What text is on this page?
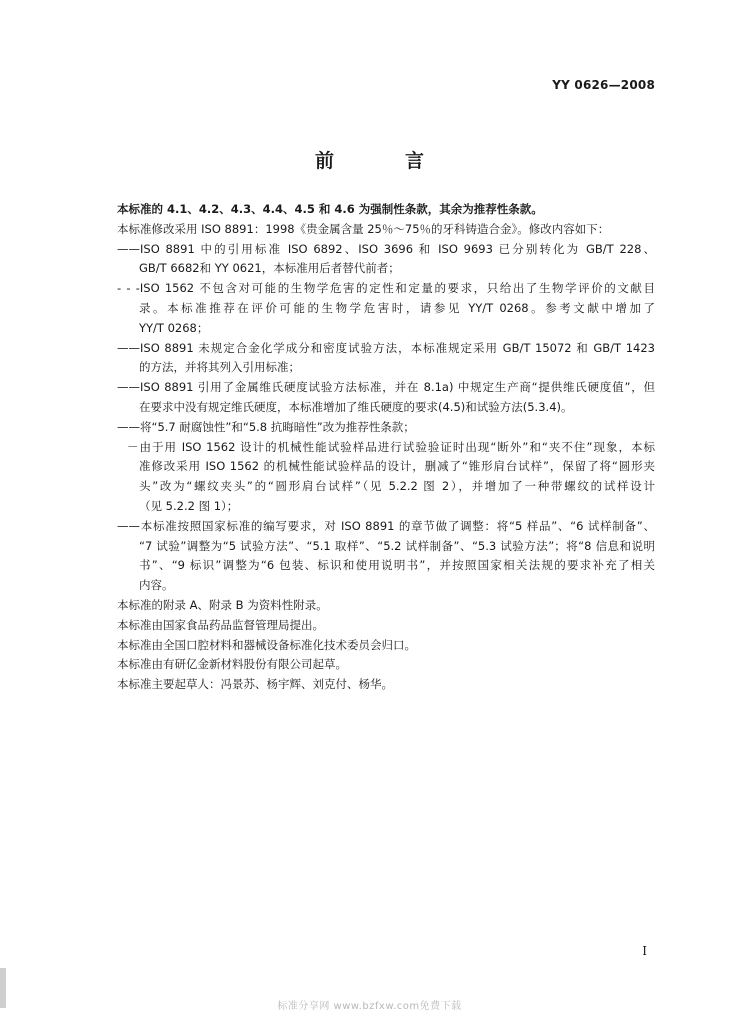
YY 0626—2008
前　言
本标准的 4.1、4.2、4.3、4.4、4.5 和 4.6 为强制性条款，其余为推荐性条款。
本标准修改采用 ISO 8891：1998《贵金属含量 25％～75％的牙科铸造合金》。修改内容如下：
——ISO 8891 中的引用标准 ISO 6892、ISO 3696 和 ISO 9693 已分别转化为 GB/T 228、
GB/T 6682和 YY 0621，本标准用后者替代前者；
- - -ISO 1562 不包含对可能的生物学危害的定性和定量的要求，只给出了生物学评价的文献目
录。本标准推荐在评价可能的生物学危害时，请参见 YY/T 0268。参考文献中增加了
YY/T 0268；
——ISO 8891 未规定合金化学成分和密度试验方法，本标准规定采用 GB/T 15072 和 GB/T 1423
的方法，并将其列入引用标准；
——ISO 8891 引用了金属维氏硬度试验方法标准，并在 8.1a) 中规定生产商“提供维氏硬度值”，但
在要求中没有规定维氏硬度，本标准增加了维氏硬度的要求(4.5)和试验方法(5.3.4)。
——将“5.7 耐腐蚀性”和“5.8 抗晦暗性”改为推荐性条款；
－由于用 ISO 1562 设计的机械性能试验样品进行试验验证时出现“断外”和“夹不住”现象，本标
准修改采用 ISO 1562 的机械性能试验样品的设计，删减了“锥形肩台试样”，保留了将“圆形夹
头”改为“螺纹夹头”的“圆形肩台试样”（见 5.2.2 图 2），并增加了一种带螺纹的试样设计
（见 5.2.2 图 1）；
——本标准按照国家标准的编写要求，对 ISO 8891 的章节做了调整：将“5 样品”、“6 试样制备”、
“7 试验”调整为“5 试验方法”、“5.1 取样”、“5.2 试样制备”、“5.3 试验方法”；将“8 信息和说明
书”、“9 标识”调整为“6 包装、标识和使用说明书”，并按照国家相关法规的要求补充了相关
内容。
本标准的附录 A、附录 B 为资料性附录。
本标准由国家食品药品监督管理局提出。
本标准由全国口腔材料和器械设备标准化技术委员会归口。
本标准由有研亿金新材料股份有限公司起草。
本标准主要起草人：冯景苏、杨宇辉、刘克付、杨华。
I
标准分享网 www.bzfxw.com免费下载
